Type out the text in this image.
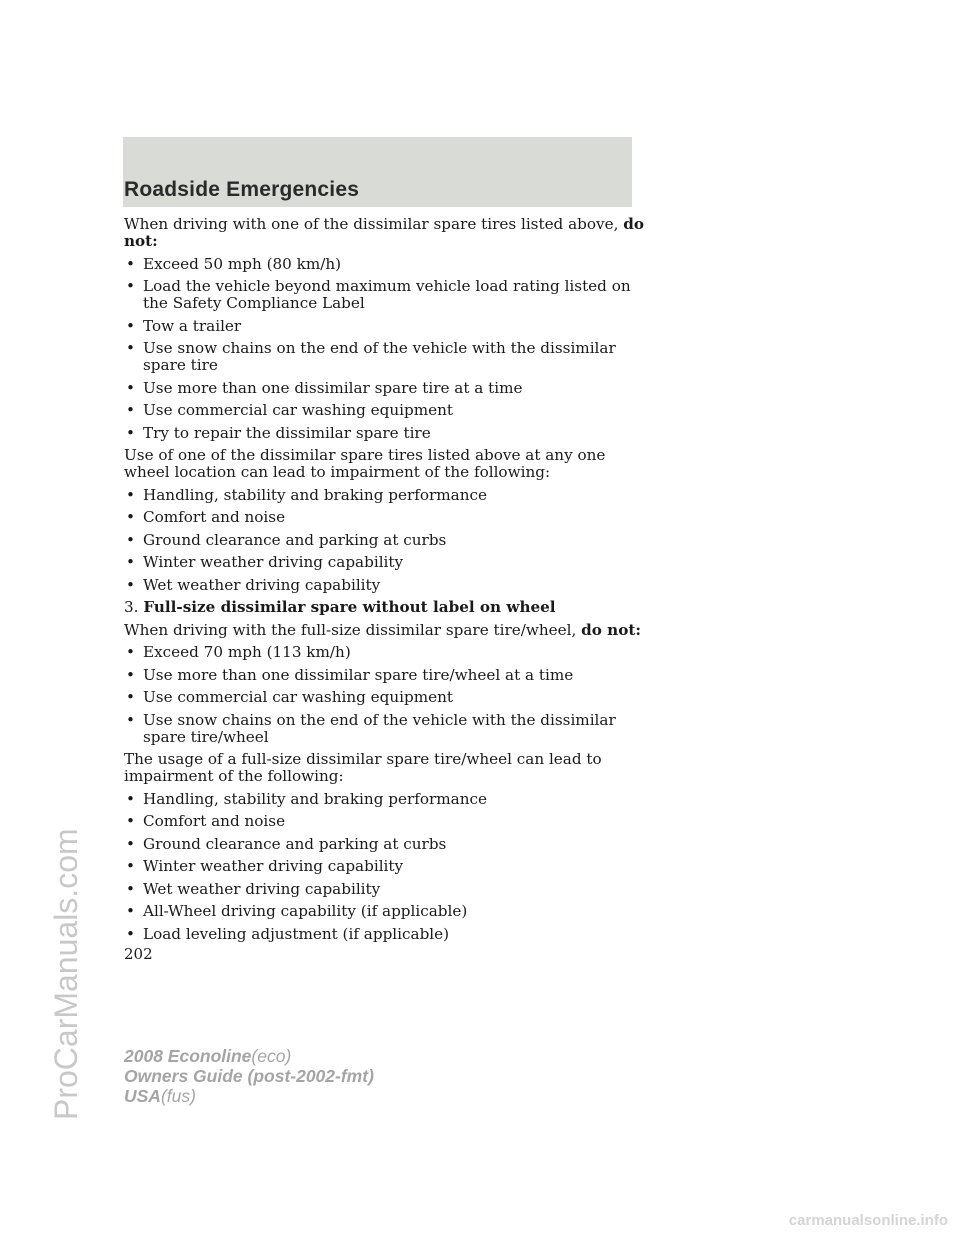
Roadside Emergencies

When driving with one of the dissimilar spare tires listed above, do not:

• Exceed 50 mph (80 km/h)
• Load the vehicle beyond maximum vehicle load rating listed on the Safety Compliance Label
• Tow a trailer
• Use snow chains on the end of the vehicle with the dissimilar spare tire
• Use more than one dissimilar spare tire at a time
• Use commercial car washing equipment
• Try to repair the dissimilar spare tire

Use of one of the dissimilar spare tires listed above at any one wheel location can lead to impairment of the following:

• Handling, stability and braking performance
• Comfort and noise
• Ground clearance and parking at curbs
• Winter weather driving capability
• Wet weather driving capability

3. Full-size dissimilar spare without label on wheel

When driving with the full-size dissimilar spare tire/wheel, do not:

• Exceed 70 mph (113 km/h)
• Use more than one dissimilar spare tire/wheel at a time
• Use commercial car washing equipment
• Use snow chains on the end of the vehicle with the dissimilar spare tire/wheel

The usage of a full-size dissimilar spare tire/wheel can lead to impairment of the following:

• Handling, stability and braking performance
• Comfort and noise
• Ground clearance and parking at curbs
• Winter weather driving capability
• Wet weather driving capability
• All-Wheel driving capability (if applicable)
• Load leveling adjustment (if applicable)
202
2008 Econoline(eco)
Owners Guide (post-2002-fmt)
USA(fus)
ProCarManuals.com
carmanualsonline.info
